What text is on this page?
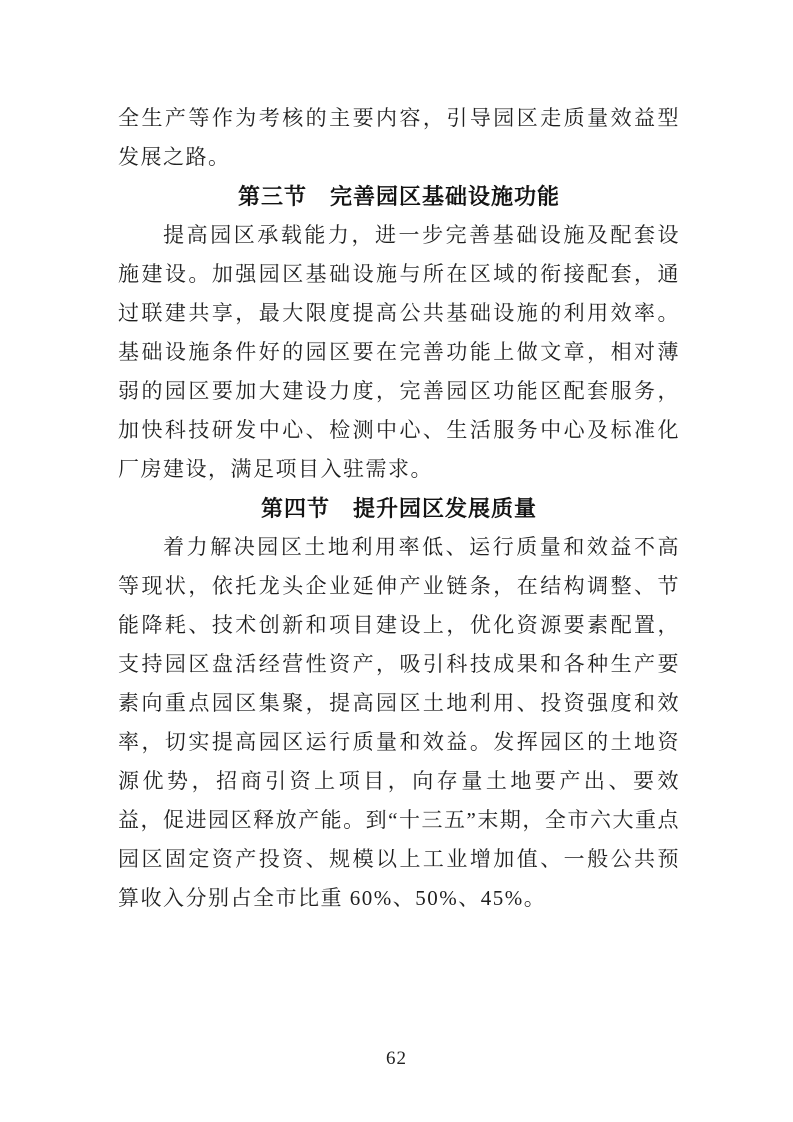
全生产等作为考核的主要内容，引导园区走质量效益型发展之路。

第三节　完善园区基础设施功能

提高园区承载能力，进一步完善基础设施及配套设施建设。加强园区基础设施与所在区域的衔接配套，通过联建共享，最大限度提高公共基础设施的利用效率。基础设施条件好的园区要在完善功能上做文章，相对薄弱的园区要加大建设力度，完善园区功能区配套服务，加快科技研发中心、检测中心、生活服务中心及标准化厂房建设，满足项目入驻需求。

第四节　提升园区发展质量

着力解决园区土地利用率低、运行质量和效益不高等现状，依托龙头企业延伸产业链条，在结构调整、节能降耗、技术创新和项目建设上，优化资源要素配置，支持园区盘活经营性资产，吸引科技成果和各种生产要素向重点园区集聚，提高园区土地利用、投资强度和效率，切实提高园区运行质量和效益。发挥园区的土地资源优势，招商引资上项目，向存量土地要产出、要效益，促进园区释放产能。到“十三五”末期，全市六大重点园区固定资产投资、规模以上工业增加值、一般公共预算收入分别占全市比重 60%、50%、45%。

62
